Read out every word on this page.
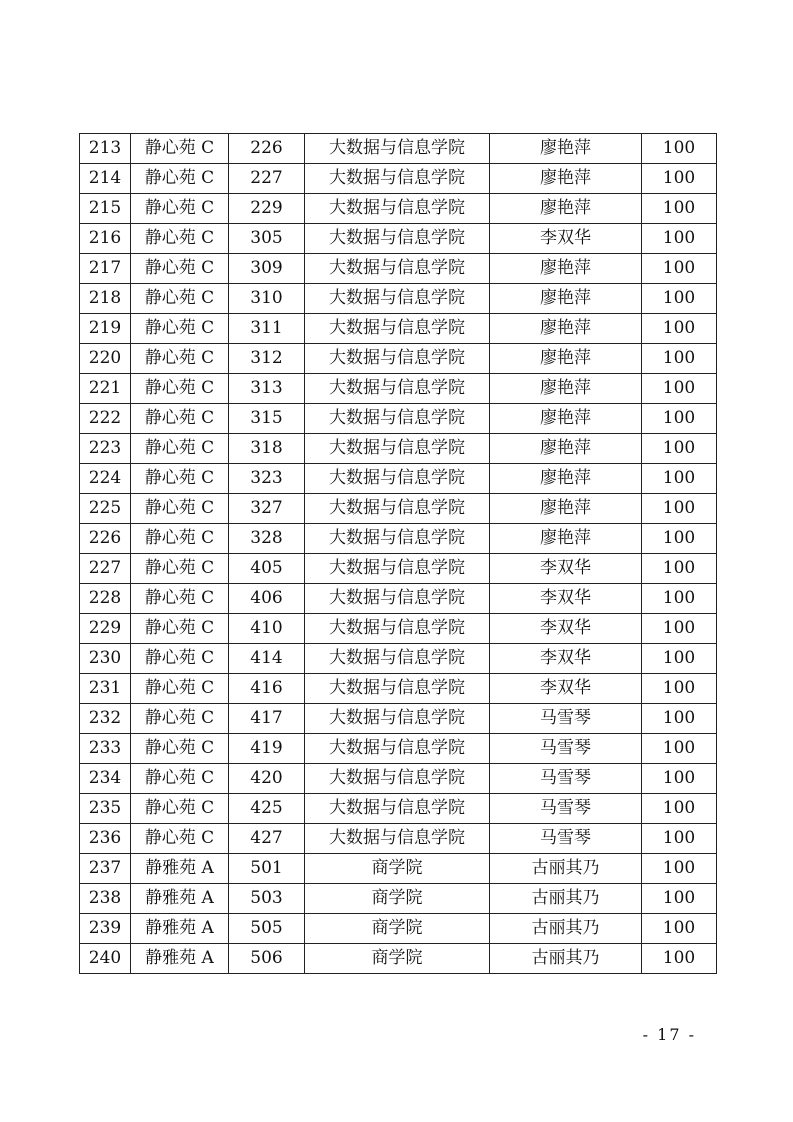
213	静心苑 C	226	大数据与信息学院	廖艳萍	100
214	静心苑 C	227	大数据与信息学院	廖艳萍	100
215	静心苑 C	229	大数据与信息学院	廖艳萍	100
216	静心苑 C	305	大数据与信息学院	李双华	100
217	静心苑 C	309	大数据与信息学院	廖艳萍	100
218	静心苑 C	310	大数据与信息学院	廖艳萍	100
219	静心苑 C	311	大数据与信息学院	廖艳萍	100
220	静心苑 C	312	大数据与信息学院	廖艳萍	100
221	静心苑 C	313	大数据与信息学院	廖艳萍	100
222	静心苑 C	315	大数据与信息学院	廖艳萍	100
223	静心苑 C	318	大数据与信息学院	廖艳萍	100
224	静心苑 C	323	大数据与信息学院	廖艳萍	100
225	静心苑 C	327	大数据与信息学院	廖艳萍	100
226	静心苑 C	328	大数据与信息学院	廖艳萍	100
227	静心苑 C	405	大数据与信息学院	李双华	100
228	静心苑 C	406	大数据与信息学院	李双华	100
229	静心苑 C	410	大数据与信息学院	李双华	100
230	静心苑 C	414	大数据与信息学院	李双华	100
231	静心苑 C	416	大数据与信息学院	李双华	100
232	静心苑 C	417	大数据与信息学院	马雪琴	100
233	静心苑 C	419	大数据与信息学院	马雪琴	100
234	静心苑 C	420	大数据与信息学院	马雪琴	100
235	静心苑 C	425	大数据与信息学院	马雪琴	100
236	静心苑 C	427	大数据与信息学院	马雪琴	100
237	静雅苑 A	501	商学院	古丽其乃	100
238	静雅苑 A	503	商学院	古丽其乃	100
239	静雅苑 A	505	商学院	古丽其乃	100
240	静雅苑 A	506	商学院	古丽其乃	100
- 17 -
